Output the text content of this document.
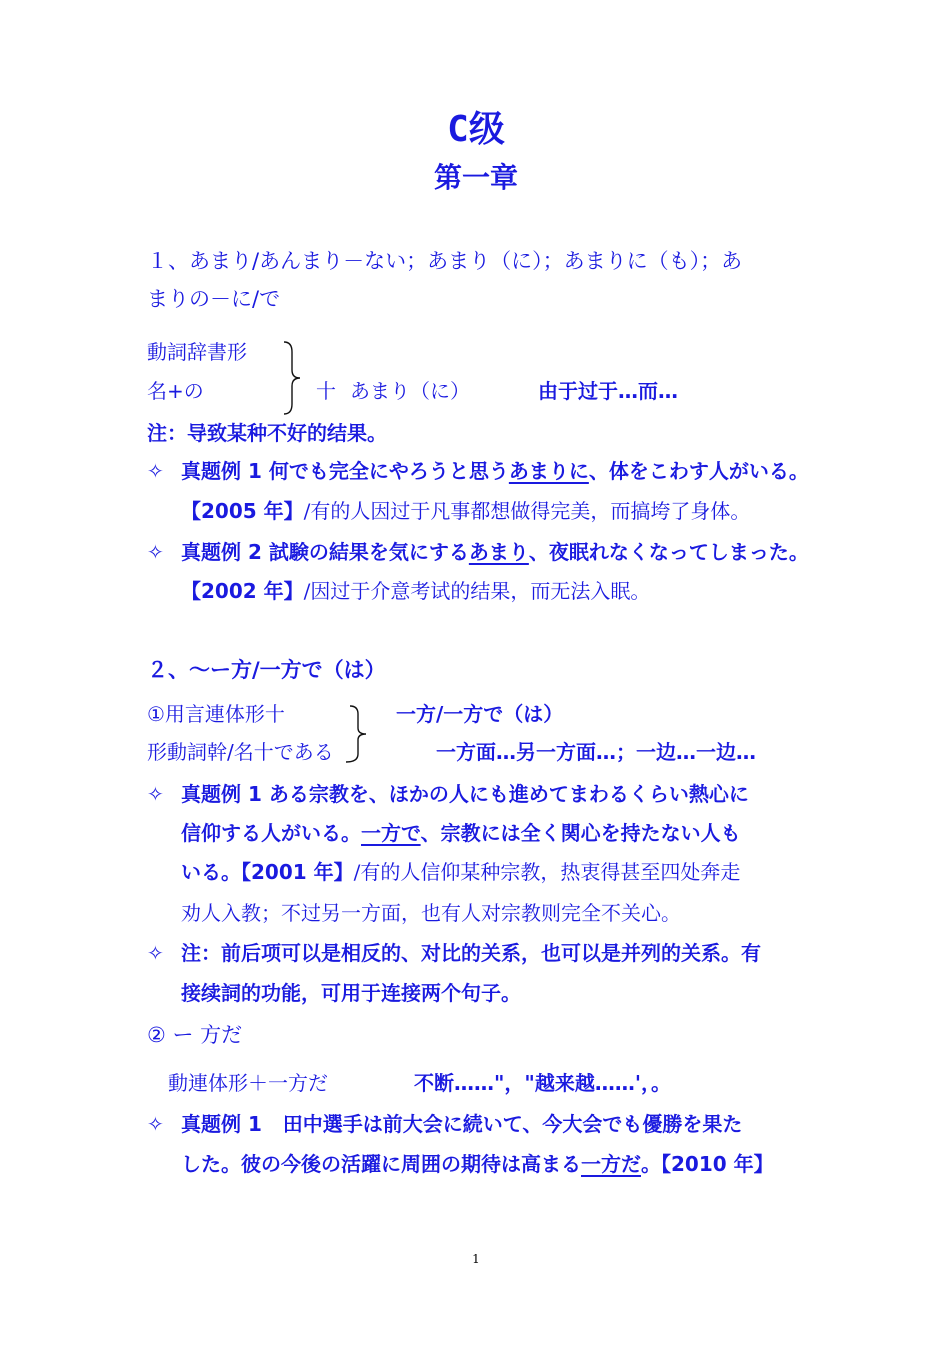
C级
第一章
１、あまり/あんまり－ない；あまり（に）；あまりに（も）；あ
まりの－に/で
動詞辞書形
名+の	十 あまり（に）	由于过于…而…
注：导致某种不好的结果。
✧ 真题例 1 何でも完全にやろうと思うあまりに、体をこわす人がいる。
【2005 年】/有的人因过于凡事都想做得完美，而搞垮了身体。
✧ 真题例 2 試験の結果を気にするあまり、夜眠れなくなってしまった。
【2002 年】/因过于介意考试的结果，而无法入眠。
２、～ー方/一方で（は）
①用言連体形十
形動詞幹/名十である
一方/一方で（は）
一方面…另一方面…；一边…一边…
✧ 真题例 1 ある宗教を、ほかの人にも進めてまわるくらい熱心に
信仰する人がいる。一方で、宗教には全く関心を持たない人も
いる。【2001 年】/有的人信仰某种宗教，热衷得甚至四处奔走
劝人入教；不过另一方面，也有人对宗教则完全不关心。
✧ 注：前后项可以是相反的、对比的关系，也可以是并列的关系。有
接续詞的功能，可用于连接两个句子。
② ー 方だ
動連体形＋一方だ	不断……"，"越来越……'，。
✧ 真题例 1 田中選手は前大会に続いて、今大会でも優勝を果た
した。彼の今後の活躍に周囲の期待は高まる一方だ。【2010 年】
1
